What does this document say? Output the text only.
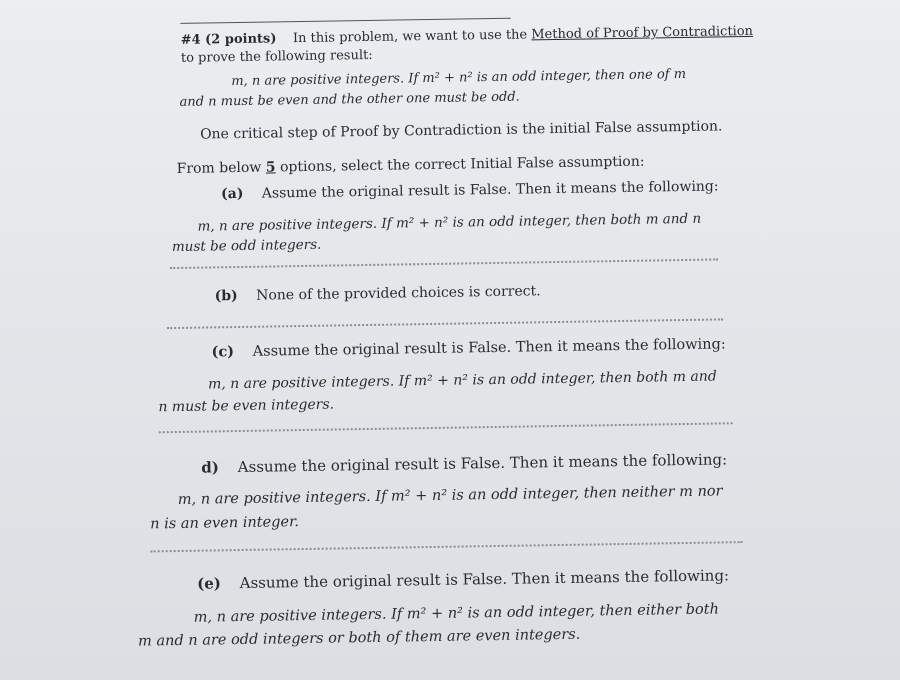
#4 (2 points) In this problem, we want to use the Method of Proof by Contradiction
to prove the following result:
m, n are positive integers. If m² + n² is an odd integer, then one of m
and n must be even and the other one must be odd.
One critical step of Proof by Contradiction is the initial False assumption.
From below 5 options, select the correct Initial False assumption:
(a) Assume the original result is False. Then it means the following:
m, n are positive integers. If m² + n² is an odd integer, then both m and n
must be odd integers.
(b) None of the provided choices is correct.
(c) Assume the original result is False. Then it means the following:
m, n are positive integers. If m² + n² is an odd integer, then both m and
n must be even integers.
d) Assume the original result is False. Then it means the following:
m, n are positive integers. If m² + n² is an odd integer, then neither m nor
n is an even integer.
(e) Assume the original result is False. Then it means the following:
m, n are positive integers. If m² + n² is an odd integer, then either both
m and n are odd integers or both of them are even integers.
